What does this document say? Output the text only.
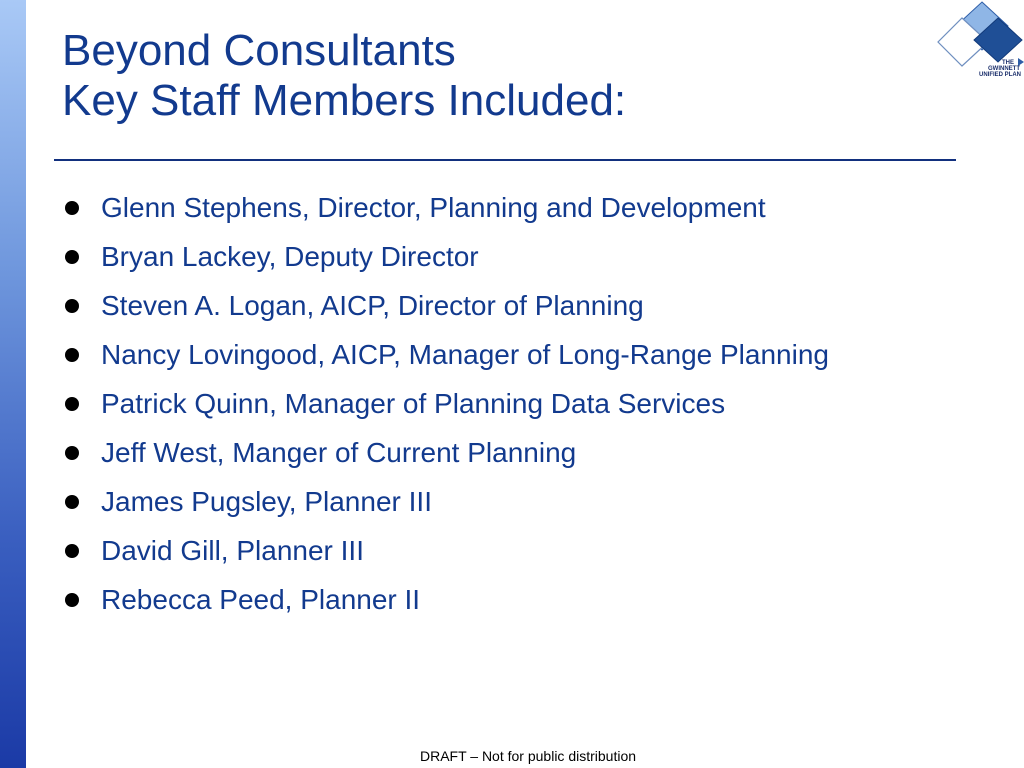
Beyond Consultants
Key Staff Members Included:
THE
GWINNETT
UNIFIED PLAN
Glenn Stephens, Director, Planning and Development
Bryan Lackey, Deputy Director
Steven A. Logan, AICP, Director of Planning
Nancy Lovingood, AICP, Manager of Long-Range Planning
Patrick Quinn, Manager of Planning Data Services
Jeff West, Manger of Current Planning
James Pugsley, Planner III
David Gill, Planner III
Rebecca Peed, Planner II
DRAFT – Not for public distribution
